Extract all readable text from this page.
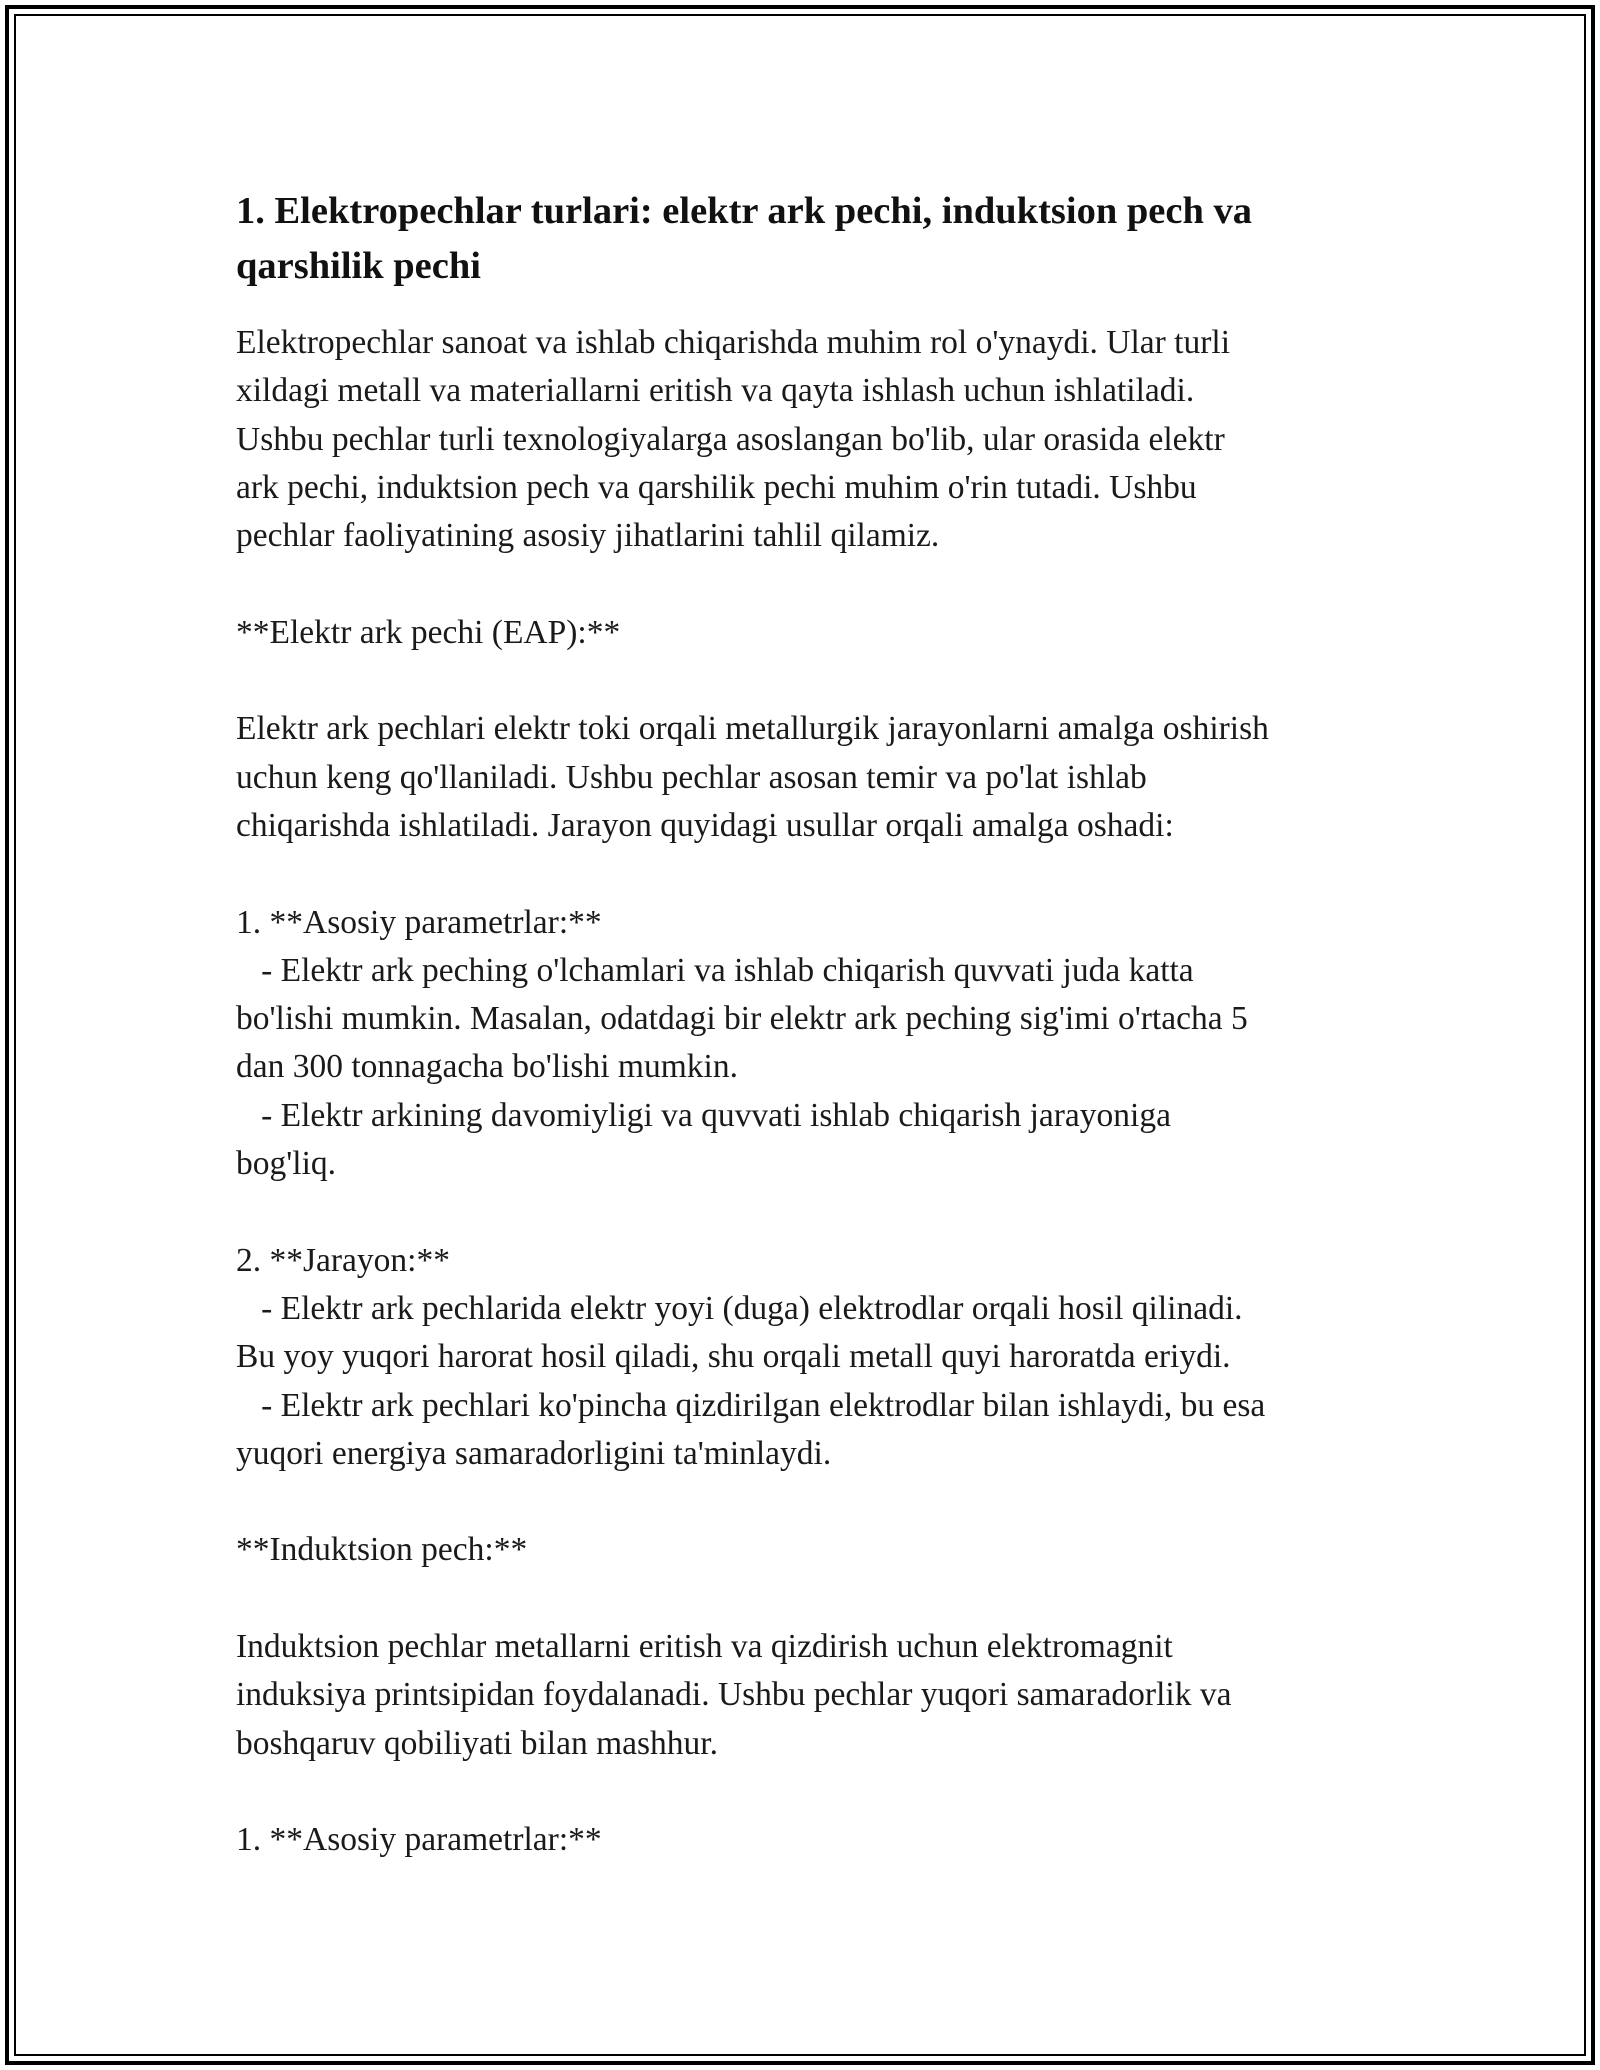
1. Elektropechlar turlari: elektr ark pechi, induktsion pech va qarshilik pechi

Elektropechlar sanoat va ishlab chiqarishda muhim rol o'ynaydi. Ular turli
xildagi metall va materiallarni eritish va qayta ishlash uchun ishlatiladi.
Ushbu pechlar turli texnologiyalarga asoslangan bo'lib, ular orasida elektr
ark pechi, induktsion pech va qarshilik pechi muhim o'rin tutadi. Ushbu
pechlar faoliyatining asosiy jihatlarini tahlil qilamiz.

**Elektr ark pechi (EAP):**

Elektr ark pechlari elektr toki orqali metallurgik jarayonlarni amalga oshirish
uchun keng qo'llaniladi. Ushbu pechlar asosan temir va po'lat ishlab
chiqarishda ishlatiladi. Jarayon quyidagi usullar orqali amalga oshadi:

1. **Asosiy parametrlar:**
- Elektr ark peching o'lchamlari va ishlab chiqarish quvvati juda katta
bo'lishi mumkin. Masalan, odatdagi bir elektr ark peching sig'imi o'rtacha 5
dan 300 tonnagacha bo'lishi mumkin.
- Elektr arkining davomiyligi va quvvati ishlab chiqarish jarayoniga
bog'liq.

2. **Jarayon:**
- Elektr ark pechlarida elektr yoyi (duga) elektrodlar orqali hosil qilinadi.
Bu yoy yuqori harorat hosil qiladi, shu orqali metall quyi haroratda eriydi.
- Elektr ark pechlari ko'pincha qizdirilgan elektrodlar bilan ishlaydi, bu esa
yuqori energiya samaradorligini ta'minlaydi.

**Induktsion pech:**

Induktsion pechlar metallarni eritish va qizdirish uchun elektromagnit
induksiya printsipidan foydalanadi. Ushbu pechlar yuqori samaradorlik va
boshqaruv qobiliyati bilan mashhur.

1. **Asosiy parametrlar:**
